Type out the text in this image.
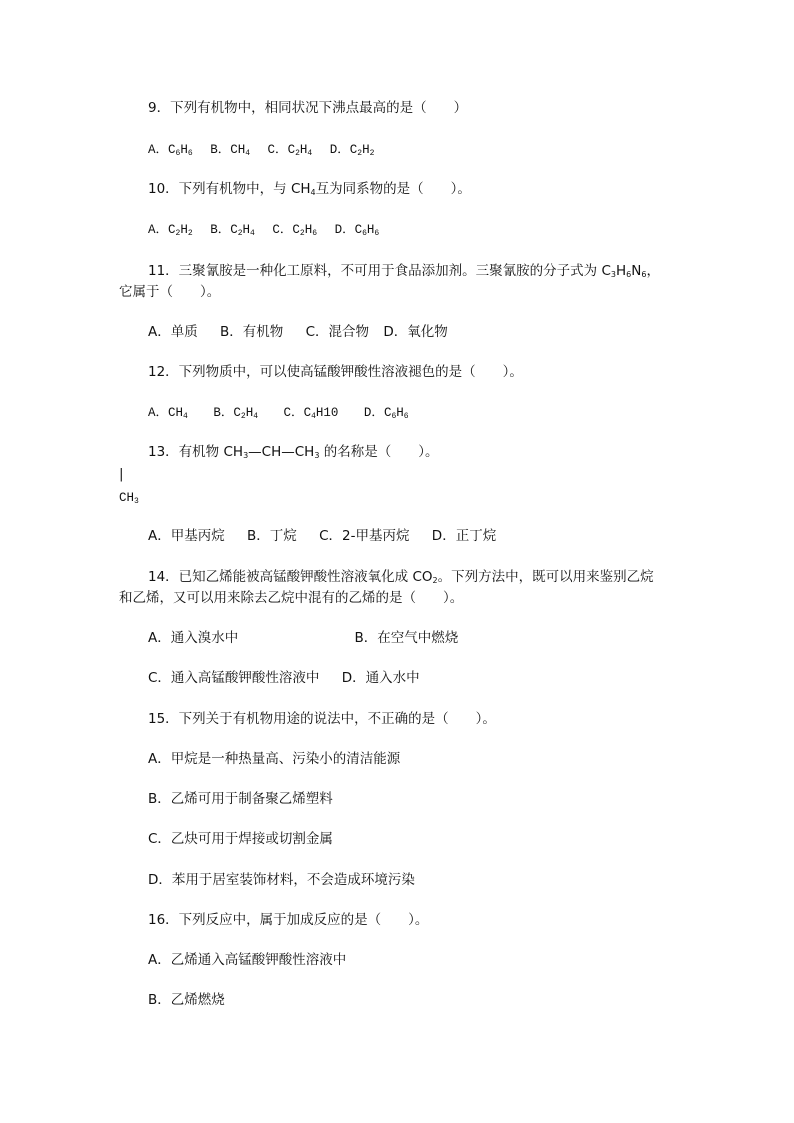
9．下列有机物中，相同状况下沸点最高的是（　　）
A．$C_6H_6$ B．$CH_4$ C．$C_2H_4$ D．$C_2H_2$
10．下列有机物中，与 $CH_4$互为同系物的是（　　）。
A．$C_2H_2$ B．$C_2H_4$ C．$C_2H_6$ D．$C_6H_6$
11．三聚氰胺是一种化工原料，不可用于食品添加剂。三聚氰胺的分子式为 $C_3H_6N_6$，
它属于（　　）。
A．单质 B．有机物 C．混合物 D．氧化物
12．下列物质中，可以使高锰酸钾酸性溶液褪色的是（　　）。
A．$CH_4$ B．$C_2H_4$ C．$C_4H10$ D．$C_6H_6$
13．有机物 $CH_3—CH—CH_3$ 的名称是（　　）。
|
$CH_3$
A．甲基丙烷 B．丁烷 C．2-甲基丙烷 D．正丁烷
14．已知乙烯能被高锰酸钾酸性溶液氧化成 $CO_2$。下列方法中，既可以用来鉴别乙烷
和乙烯，又可以用来除去乙烷中混有的乙烯的是（　　）。
A．通入溴水中	B．在空气中燃烧
C．通入高锰酸钾酸性溶液中 D．通入水中
15．下列关于有机物用途的说法中，不正确的是（　　）。
A．甲烷是一种热量高、污染小的清洁能源
B．乙烯可用于制备聚乙烯塑料
C．乙炔可用于焊接或切割金属
D．苯用于居室装饰材料，不会造成环境污染
16．下列反应中，属于加成反应的是（　　）。
A．乙烯通入高锰酸钾酸性溶液中
B．乙烯燃烧
